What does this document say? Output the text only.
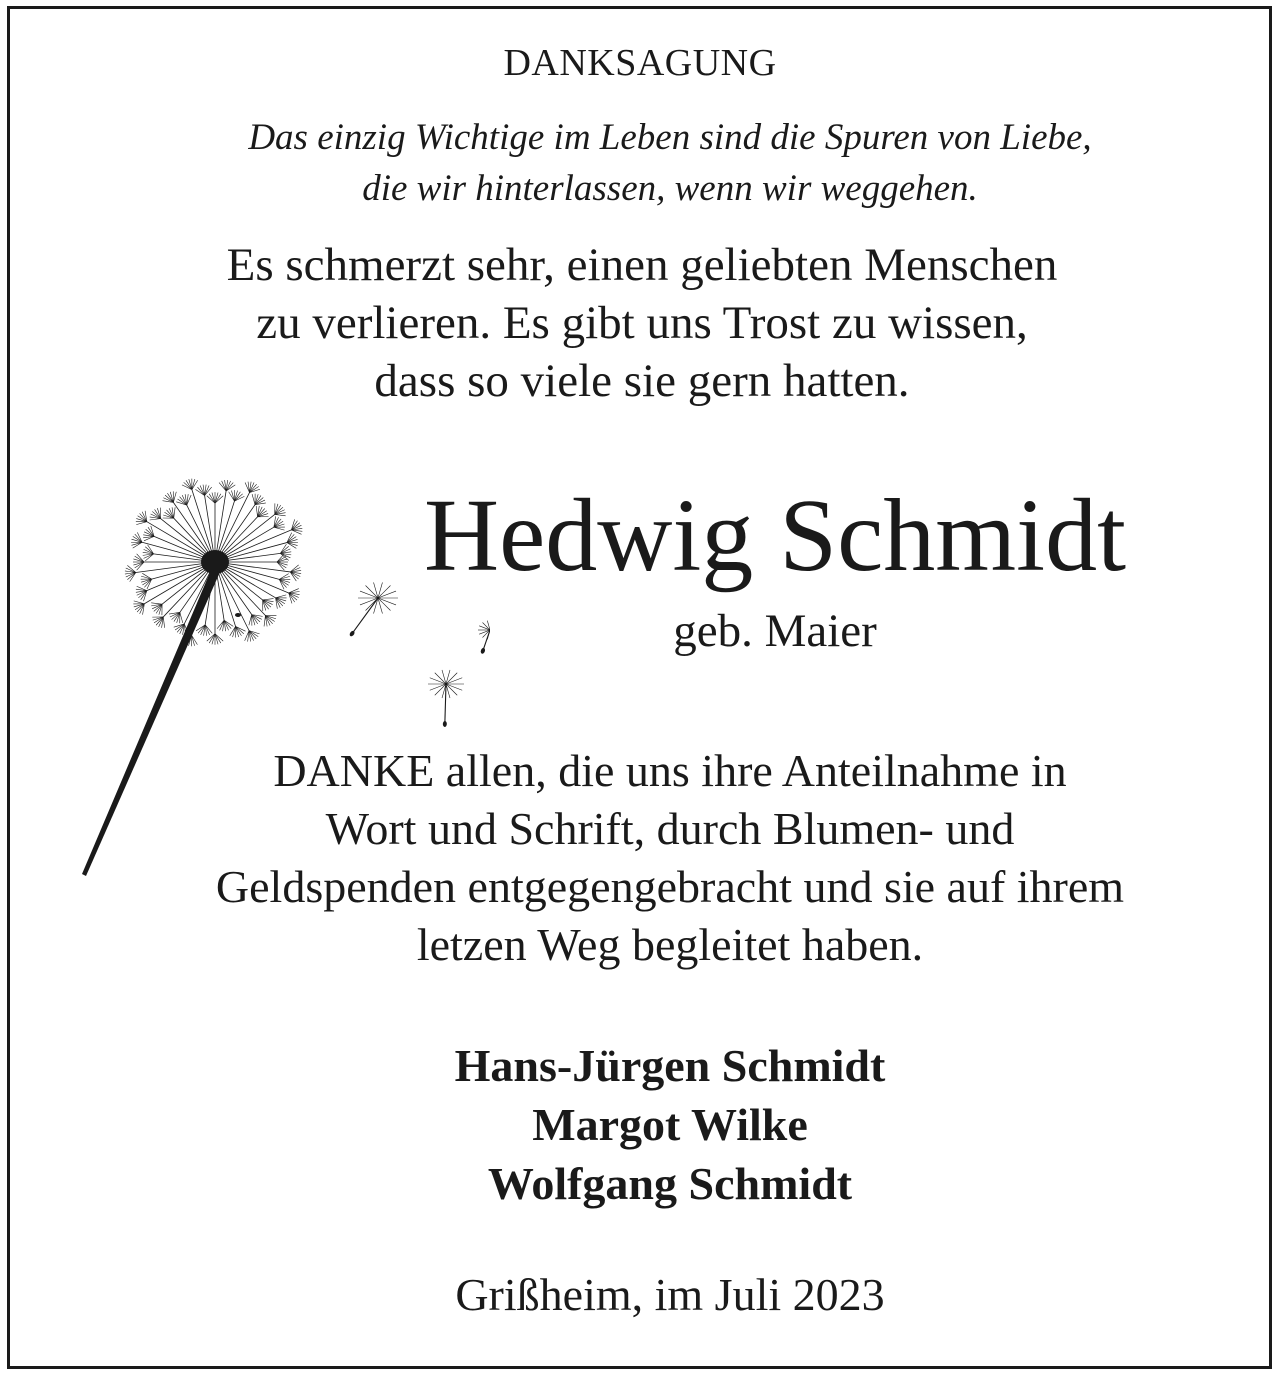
DANKSAGUNG
Das einzig Wichtige im Leben sind die Spuren von Liebe,
die wir hinterlassen, wenn wir weggehen.
Es schmerzt sehr, einen geliebten Menschen
zu verlieren. Es gibt uns Trost zu wissen,
dass so viele sie gern hatten.
Hedwig Schmidt
geb. Maier
DANKE allen, die uns ihre Anteilnahme in
Wort und Schrift, durch Blumen- und
Geldspenden entgegengebracht und sie auf ihrem
letzen Weg begleitet haben.
Hans-Jürgen Schmidt
Margot Wilke
Wolfgang Schmidt
Grißheim, im Juli 2023
